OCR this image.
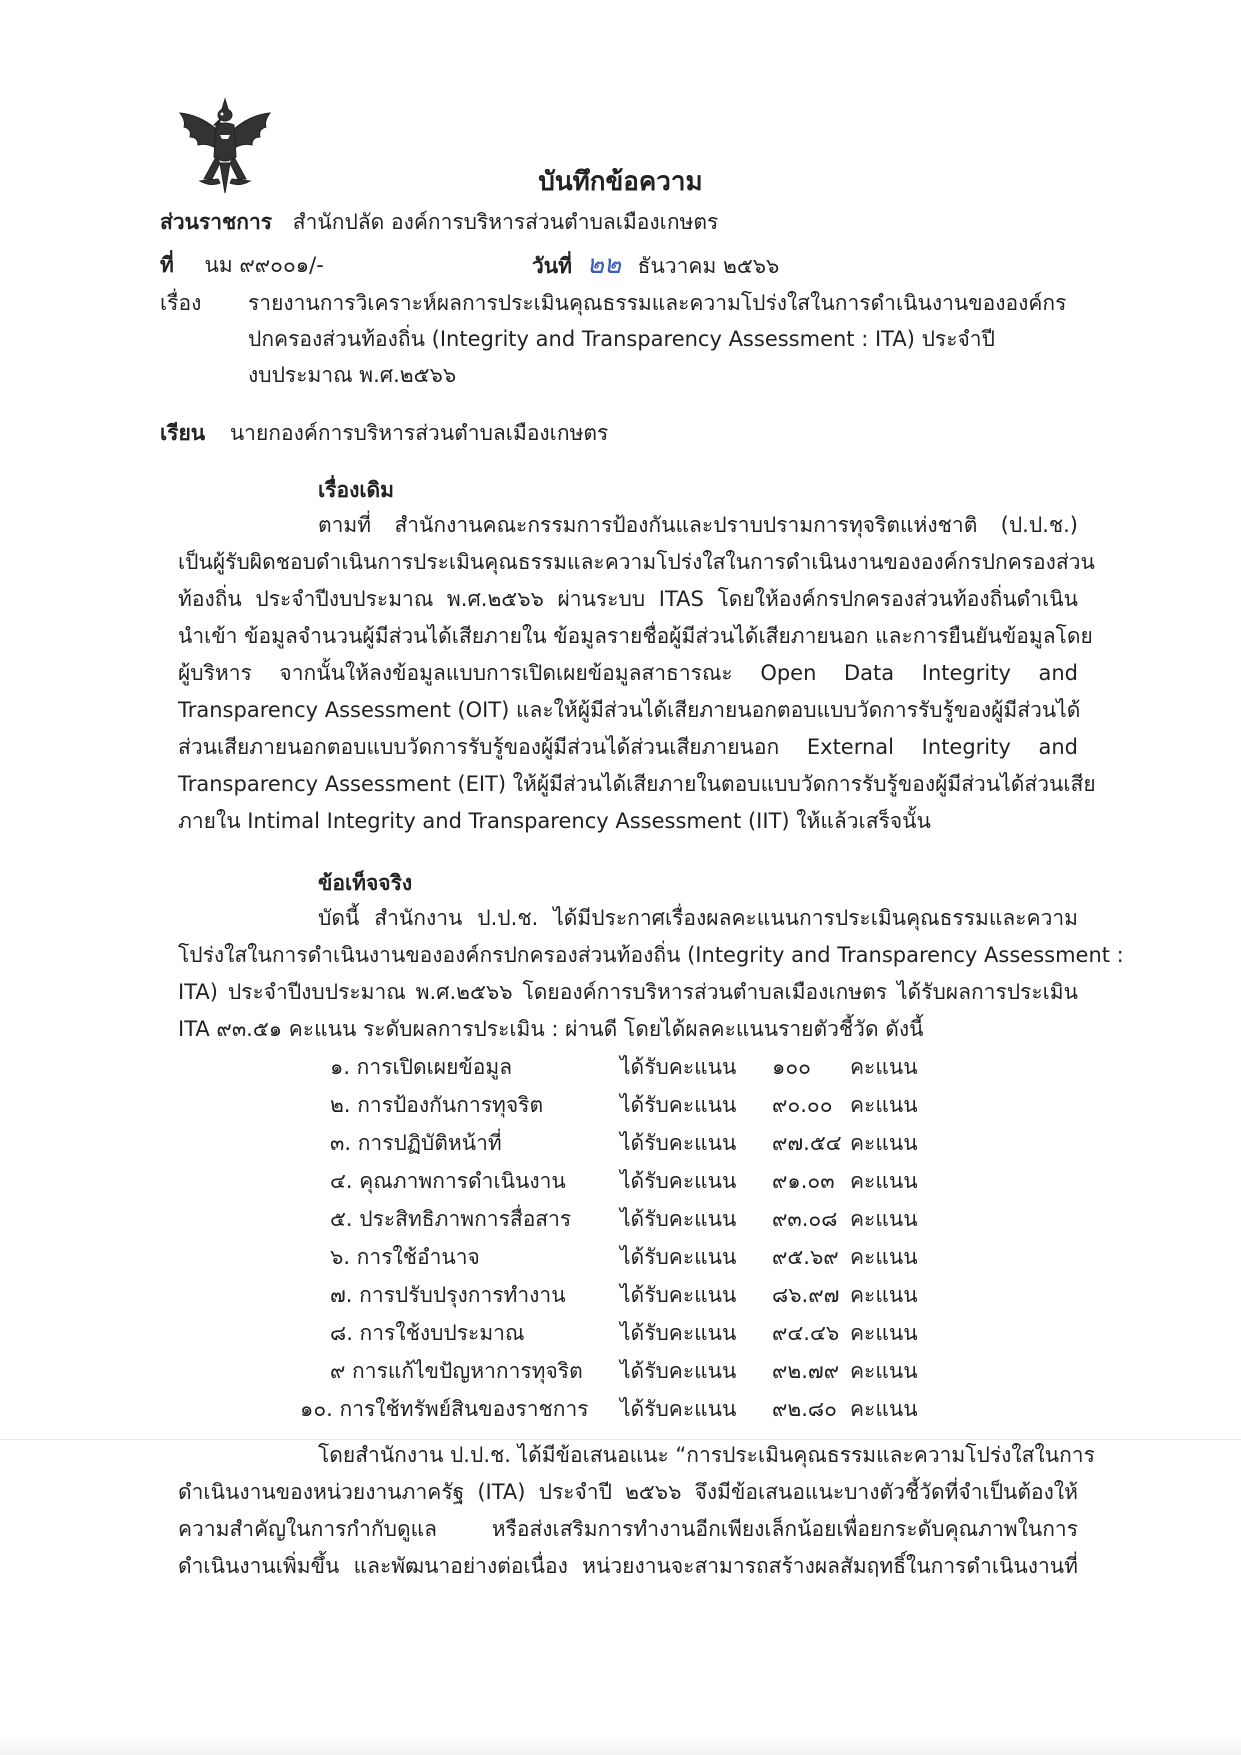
บันทึกข้อความ
ส่วนราชการ สำนักปลัด องค์การบริหารส่วนตำบลเมืองเกษตร
ที่ นม ๙๙๐๐๑/-	วันที่ ๒๒ ธันวาคม ๒๕๖๖
เรื่อง รายงานการวิเคราะห์ผลการประเมินคุณธรรมและความโปร่งใสในการดำเนินงานขององค์กร
ปกครองส่วนท้องถิ่น (Integrity and Transparency Assessment : ITA) ประจำปี
งบประมาณ พ.ศ.๒๕๖๖
เรียน นายกองค์การบริหารส่วนตำบลเมืองเกษตร
เรื่องเดิม
ตามที่ สำนักงานคณะกรรมการป้องกันและปราบปรามการทุจริตแห่งชาติ (ป.ป.ช.)
เป็นผู้รับผิดชอบดำเนินการประเมินคุณธรรมและความโปร่งใสในการดำเนินงานขององค์กรปกครองส่วน
ท้องถิ่น ประจำปีงบประมาณ พ.ศ.๒๕๖๖ ผ่านระบบ ITAS โดยให้องค์กรปกครองส่วนท้องถิ่นดำเนิน
นำเข้า ข้อมูลจำนวนผู้มีส่วนได้เสียภายใน ข้อมูลรายชื่อผู้มีส่วนได้เสียภายนอก และการยืนยันข้อมูลโดย
ผู้บริหาร จากนั้นให้ลงข้อมูลแบบการเปิดเผยข้อมูลสาธารณะ Open Data Integrity and
Transparency Assessment (OIT) และให้ผู้มีส่วนได้เสียภายนอกตอบแบบวัดการรับรู้ของผู้มีส่วนได้
ส่วนเสียภายนอกตอบแบบวัดการรับรู้ของผู้มีส่วนได้ส่วนเสียภายนอก External Integrity and
Transparency Assessment (EIT) ให้ผู้มีส่วนได้เสียภายในตอบแบบวัดการรับรู้ของผู้มีส่วนได้ส่วนเสีย
ภายใน Intimal Integrity and Transparency Assessment (IIT) ให้แล้วเสร็จนั้น
ข้อเท็จจริง
บัดนี้ สำนักงาน ป.ป.ช. ได้มีประกาศเรื่องผลคะแนนการประเมินคุณธรรมและความ
โปร่งใสในการดำเนินงานขององค์กรปกครองส่วนท้องถิ่น (Integrity and Transparency Assessment :
ITA) ประจำปีงบประมาณ พ.ศ.๒๕๖๖ โดยองค์การบริหารส่วนตำบลเมืองเกษตร ได้รับผลการประเมิน
ITA ๙๓.๕๑ คะแนน ระดับผลการประเมิน : ผ่านดี โดยได้ผลคะแนนรายตัวชี้วัด ดังนี้
๑. การเปิดเผยข้อมูล	ได้รับคะแนน ๑๐๐ คะแนน
๒. การป้องกันการทุจริต	ได้รับคะแนน ๙๐.๐๐ คะแนน
๓. การปฏิบัติหน้าที่	ได้รับคะแนน ๙๗.๕๔ คะแนน
๔. คุณภาพการดำเนินงาน	ได้รับคะแนน ๙๑.๐๓ คะแนน
๕. ประสิทธิภาพการสื่อสาร ได้รับคะแนน ๙๓.๐๘ คะแนน
๖. การใช้อำนาจ	ได้รับคะแนน ๙๕.๖๙ คะแนน
๗. การปรับปรุงการทำงาน	ได้รับคะแนน ๘๖.๙๗ คะแนน
๘. การใช้งบประมาณ	ได้รับคะแนน ๙๔.๔๖ คะแนน
๙ การแก้ไขปัญหาการทุจริต ได้รับคะแนน ๙๒.๗๙ คะแนน
๑๐. การใช้ทรัพย์สินของราชการ ได้รับคะแนน ๙๒.๘๐ คะแนน
โดยสำนักงาน ป.ป.ช. ได้มีข้อเสนอแนะ “การประเมินคุณธรรมและความโปร่งใสในการ
ดำเนินงานของหน่วยงานภาครัฐ (ITA) ประจำปี ๒๕๖๖ จึงมีข้อเสนอแนะบางตัวชี้วัดที่จำเป็นต้องให้
ความสำคัญในการกำกับดูแล หรือส่งเสริมการทำงานอีกเพียงเล็กน้อยเพื่อยกระดับคุณภาพในการ
ดำเนินงานเพิ่มขึ้น และพัฒนาอย่างต่อเนื่อง หน่วยงานจะสามารถสร้างผลสัมฤทธิ์ในการดำเนินงานที่
